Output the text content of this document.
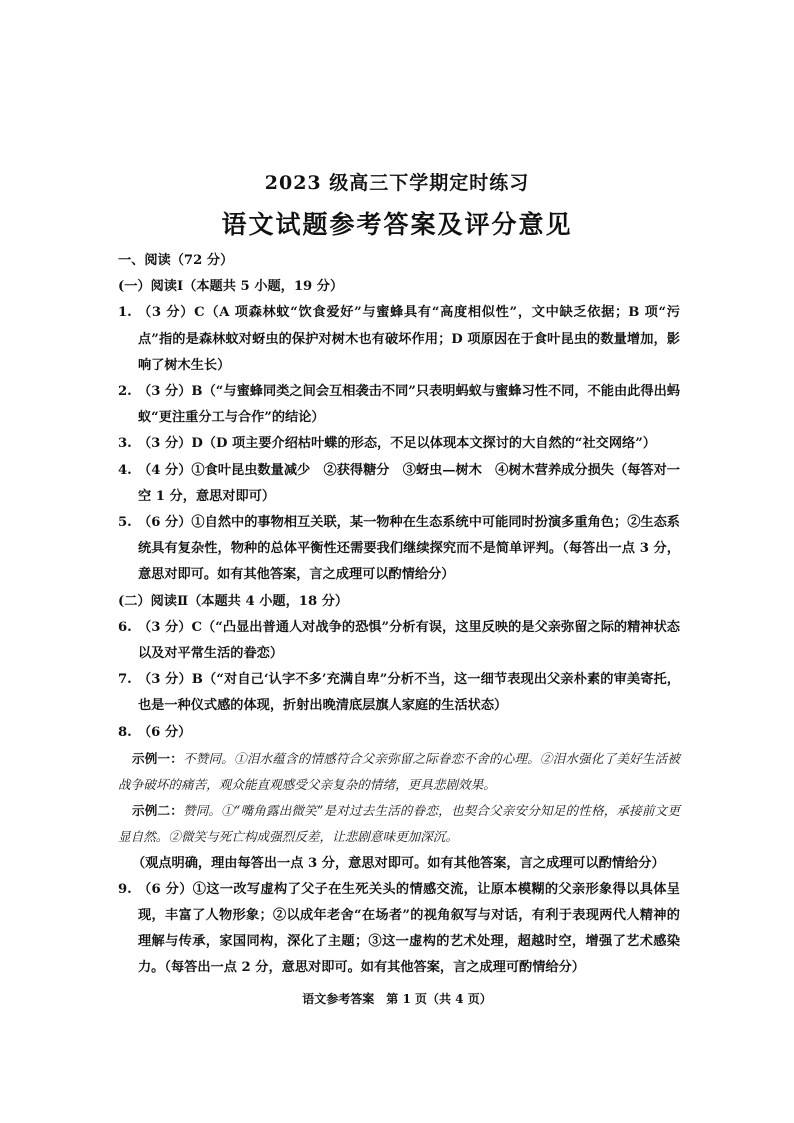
2023 级高三下学期定时练习
语文试题参考答案及评分意见
一、阅读（72 分）
(一）阅读Ⅰ（本题共 5 小题，19 分）
1. （3 分）C（A 项森林蚊“饮食爱好”与蜜蜂具有“高度相似性”，文中缺乏依据；B 项“污点”指的是森林蚊对蚜虫的保护对树木也有破坏作用；D 项原因在于食叶昆虫的数量增加，影响了树木生长）
2. （3 分）B（“与蜜蜂同类之间会互相袭击不同”只表明蚂蚁与蜜蜂习性不同，不能由此得出蚂蚁“更注重分工与合作”的结论）
3. （3 分）D（D 项主要介绍枯叶蝶的形态，不足以体现本文探讨的大自然的“社交网络”）
4. （4 分）①食叶昆虫数量减少　②获得糖分　③蚜虫—树木　④树木营养成分损失（每答对一空 1 分，意思对即可）
5. （6 分）①自然中的事物相互关联，某一物种在生态系统中可能同时扮演多重角色；②生态系统具有复杂性，物种的总体平衡性还需要我们继续探究而不是简单评判。（每答出一点 3 分，意思对即可。如有其他答案，言之成理可以酌情给分）
(二）阅读Ⅱ（本题共 4 小题，18 分）
6. （3 分）C（“凸显出普通人对战争的恐惧”分析有误，这里反映的是父亲弥留之际的精神状态以及对平常生活的眷恋）
7. （3 分）B（“对自己‘认字不多’充满自卑”分析不当，这一细节表现出父亲朴素的审美寄托，也是一种仪式感的体现，折射出晚清底层旗人家庭的生活状态）
8. （6 分）
示例一：不赞同。①泪水蕴含的情感符合父亲弥留之际眷恋不舍的心理。②泪水强化了美好生活被战争破坏的痛苦，观众能直观感受父亲复杂的情绪，更具悲剧效果。
示例二：赞同。①“嘴角露出微笑”是对过去生活的眷恋，也契合父亲安分知足的性格，承接前文更显自然。②微笑与死亡构成强烈反差，让悲剧意味更加深沉。
（观点明确，理由每答出一点 3 分，意思对即可。如有其他答案，言之成理可以酌情给分）
9. （6 分）①这一改写虚构了父子在生死关头的情感交流，让原本模糊的父亲形象得以具体呈现，丰富了人物形象；②以成年老舍“在场者”的视角叙写与对话，有利于表现两代人精神的理解与传承，家国同构，深化了主题；③这一虚构的艺术处理，超越时空，增强了艺术感染力。（每答出一点 2 分，意思对即可。如有其他答案，言之成理可酌情给分）
语文参考答案　第 1 页（共 4 页）
